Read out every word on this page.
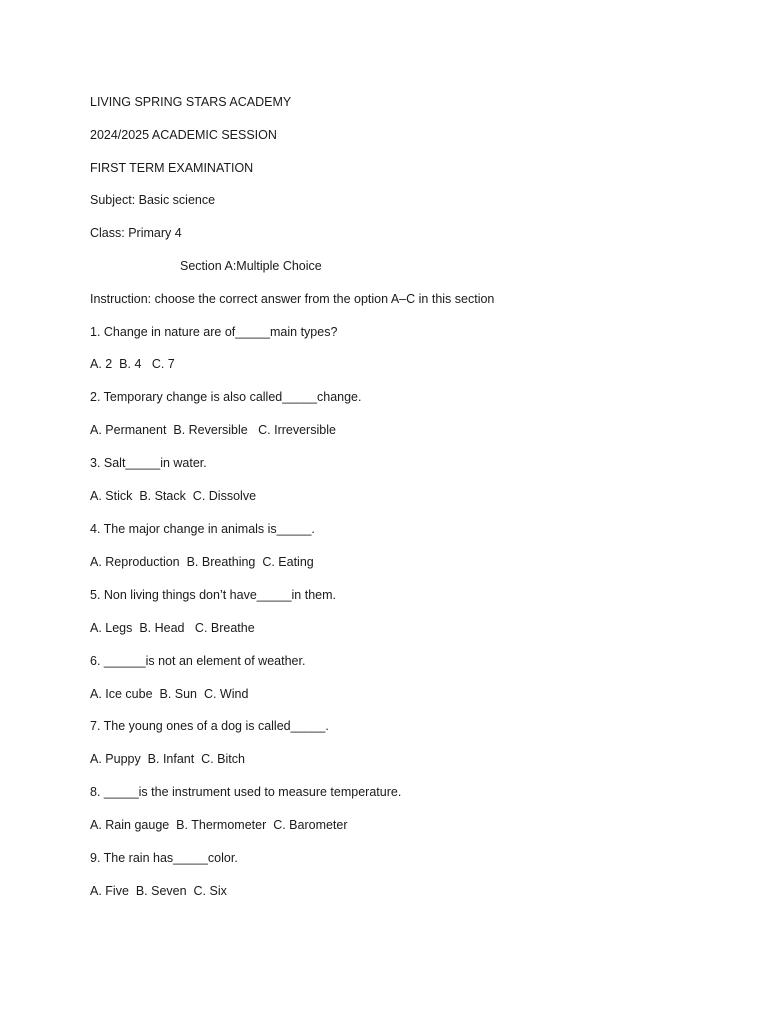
LIVING SPRING STARS ACADEMY
2024/2025 ACADEMIC SESSION
FIRST TERM EXAMINATION
Subject: Basic science
Class: Primary 4
Section A:Multiple Choice
Instruction: choose the correct answer from the option A–C in this section
1. Change in nature are of_____main types?
A. 2  B. 4   C. 7
2. Temporary change is also called_____change.
A. Permanent  B. Reversible   C. Irreversible
3. Salt_____in water.
A. Stick  B. Stack  C. Dissolve
4. The major change in animals is_____.
A. Reproduction  B. Breathing  C. Eating
5. Non living things don’t have_____in them.
A. Legs  B. Head   C. Breathe
6. ______is not an element of weather.
A. Ice cube  B. Sun  C. Wind
7. The young ones of a dog is called_____.
A. Puppy  B. Infant  C. Bitch
8. _____is the instrument used to measure temperature.
A. Rain gauge  B. Thermometer  C. Barometer
9. The rain has_____color.
A. Five  B. Seven  C. Six
